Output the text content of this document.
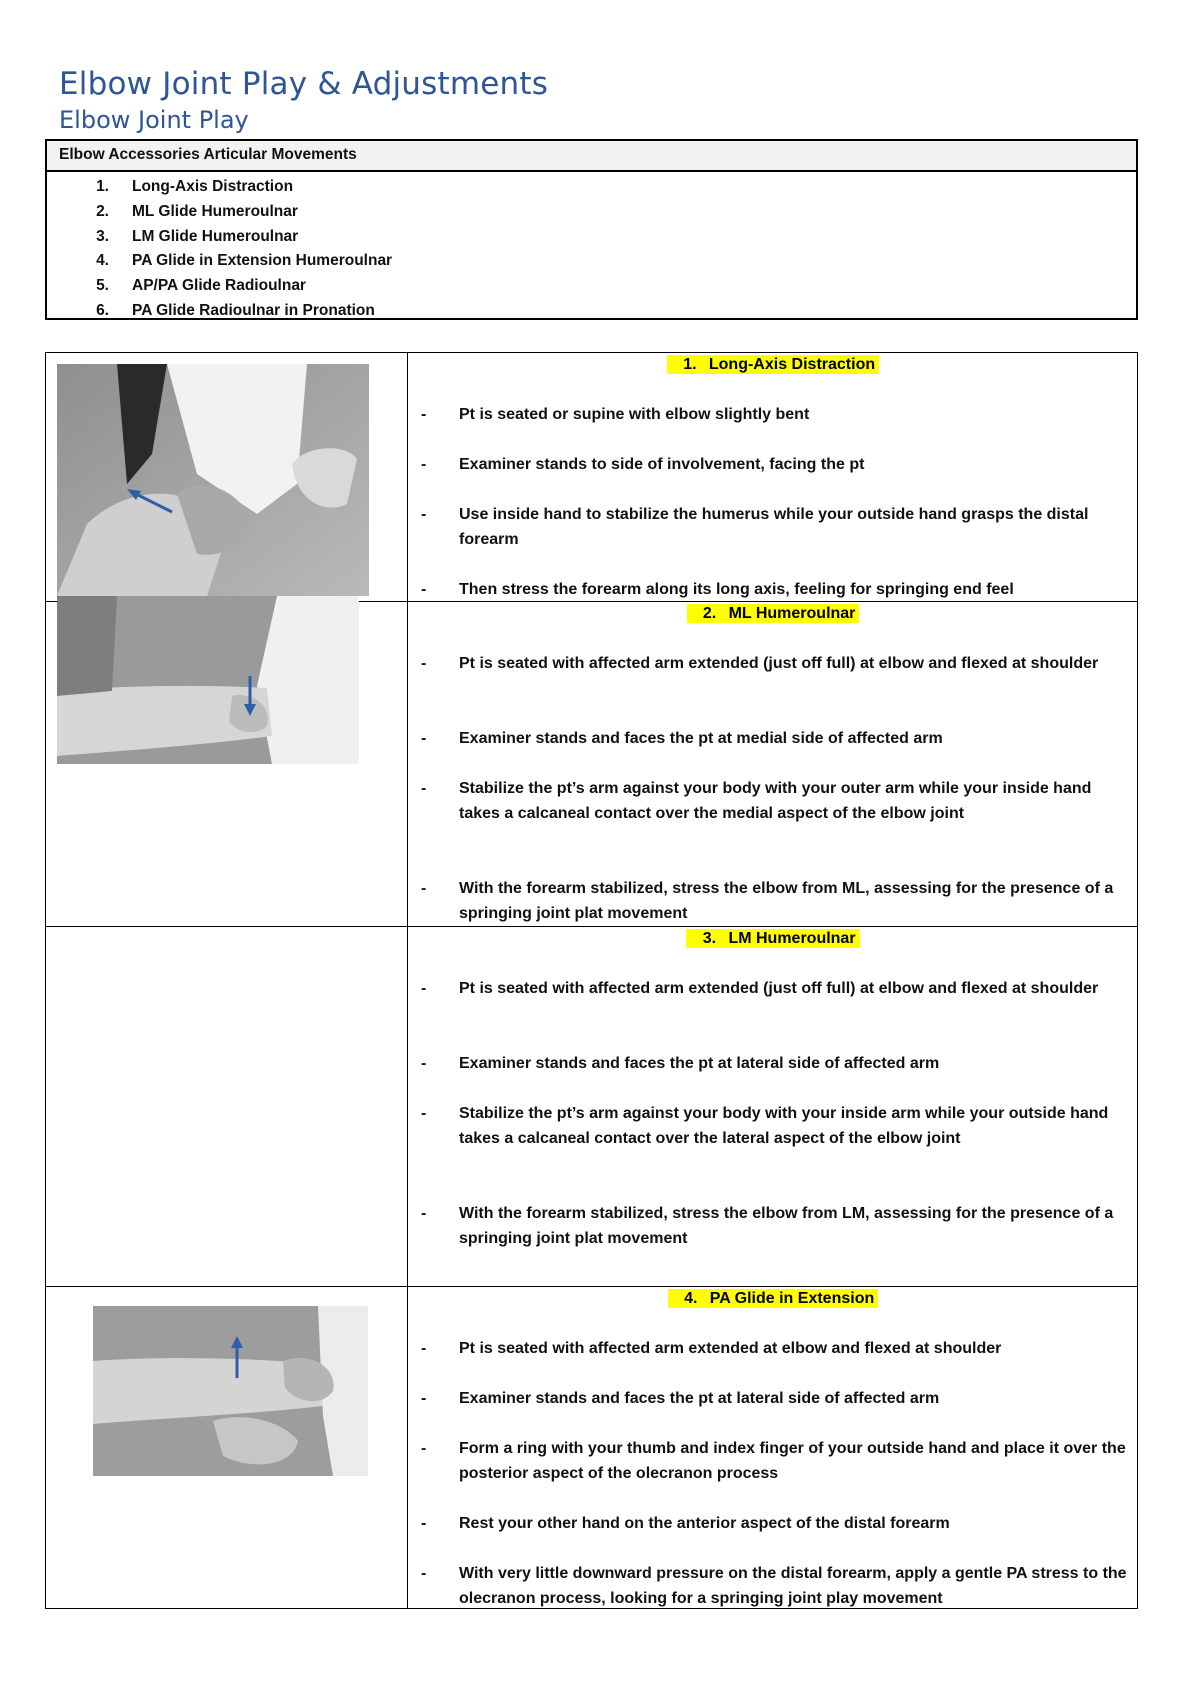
Elbow Joint Play & Adjustments
Elbow Joint Play
Elbow Accessories Articular Movements
1. Long-Axis Distraction
2. ML Glide Humeroulnar
3. LM Glide Humeroulnar
4. PA Glide in Extension Humeroulnar
5. AP/PA Glide Radioulnar
6. PA Glide Radioulnar in Pronation
1. Long-Axis Distraction
- Pt is seated or supine with elbow slightly bent
- Examiner stands to side of involvement, facing the pt
- Use inside hand to stabilize the humerus while your outside hand grasps the distal forearm
- Then stress the forearm along its long axis, feeling for springing end feel
2. ML Humeroulnar
- Pt is seated with affected arm extended (just off full) at elbow and flexed at shoulder
- Examiner stands and faces the pt at medial side of affected arm
- Stabilize the pt’s arm against your body with your outer arm while your inside hand takes a calcaneal contact over the medial aspect of the elbow joint
- With the forearm stabilized, stress the elbow from ML, assessing for the presence of a springing joint plat movement
3. LM Humeroulnar
- Pt is seated with affected arm extended (just off full) at elbow and flexed at shoulder
- Examiner stands and faces the pt at lateral side of affected arm
- Stabilize the pt’s arm against your body with your inside arm while your outside hand takes a calcaneal contact over the lateral aspect of the elbow joint
- With the forearm stabilized, stress the elbow from LM, assessing for the presence of a springing joint plat movement
4. PA Glide in Extension
- Pt is seated with affected arm extended at elbow and flexed at shoulder
- Examiner stands and faces the pt at lateral side of affected arm
- Form a ring with your thumb and index finger of your outside hand and place it over the posterior aspect of the olecranon process
- Rest your other hand on the anterior aspect of the distal forearm
- With very little downward pressure on the distal forearm, apply a gentle PA stress to the olecranon process, looking for a springing joint play movement
